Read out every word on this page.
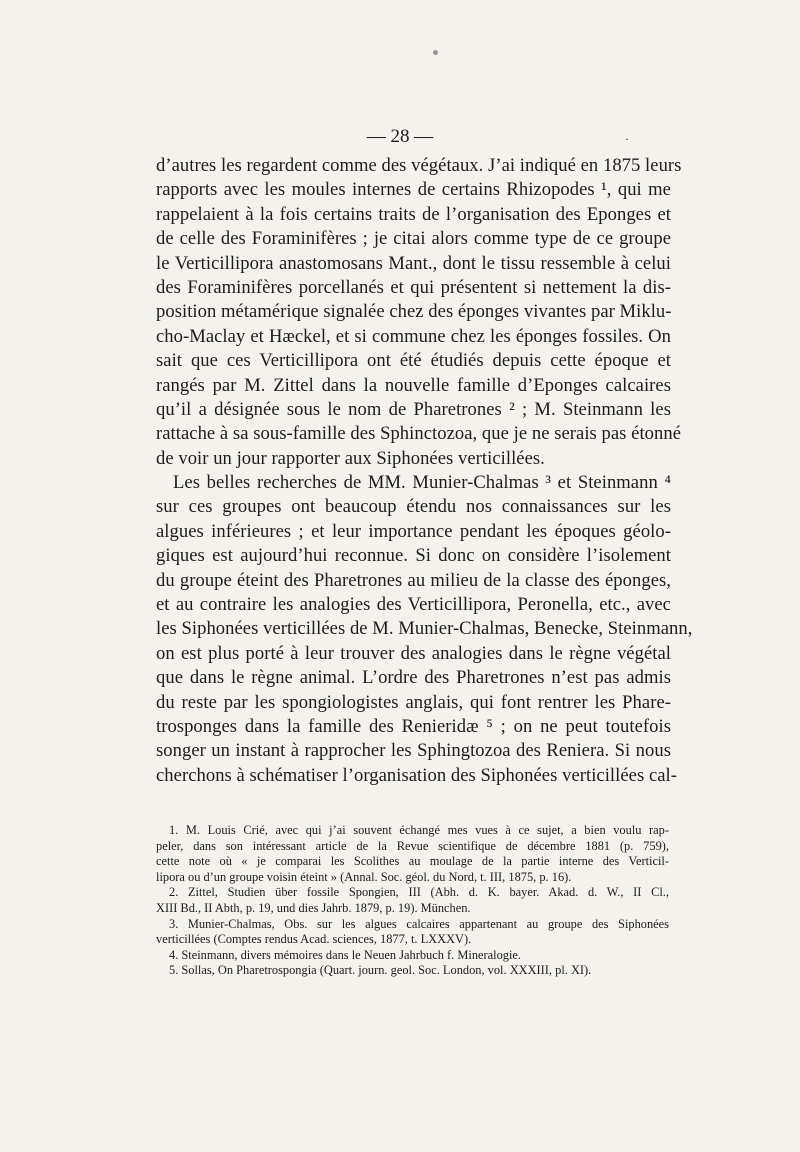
— 28 —	·
d’autres les regardent comme des végétaux. J’ai indiqué en 1875 leurs
rapports avec les moules internes de certains Rhizopodes ¹, qui me
rappelaient à la fois certains traits de l’organisation des Eponges et
de celle des Foraminifères ; je citai alors comme type de ce groupe
le Verticillipora anastomosans Mant., dont le tissu ressemble à celui
des Foraminifères porcellanés et qui présentent si nettement la dis-
position métamérique signalée chez des éponges vivantes par Miklu-
cho-Maclay et Hæckel, et si commune chez les éponges fossiles. On
sait que ces Verticillipora ont été étudiés depuis cette époque et
rangés par M. Zittel dans la nouvelle famille d’Eponges calcaires
qu’il a désignée sous le nom de Pharetrones ² ; M. Steinmann les
rattache à sa sous-famille des Sphinctozoa, que je ne serais pas étonné
de voir un jour rapporter aux Siphonées verticillées.
Les belles recherches de MM. Munier-Chalmas ³ et Steinmann ⁴
sur ces groupes ont beaucoup étendu nos connaissances sur les
algues inférieures ; et leur importance pendant les époques géolo-
giques est aujourd’hui reconnue. Si donc on considère l’isolement
du groupe éteint des Pharetrones au milieu de la classe des éponges,
et au contraire les analogies des Verticillipora, Peronella, etc., avec
les Siphonées verticillées de M. Munier-Chalmas, Benecke, Steinmann,
on est plus porté à leur trouver des analogies dans le règne végétal
que dans le règne animal. L’ordre des Pharetrones n’est pas admis
du reste par les spongiologistes anglais, qui font rentrer les Phare-
trosponges dans la famille des Renieridæ ⁵ ; on ne peut toutefois
songer un instant à rapprocher les Sphingtozoa des Reniera. Si nous
cherchons à schématiser l’organisation des Siphonées verticillées cal-
1. M. Louis Crié, avec qui j’ai souvent échangé mes vues à ce sujet, a bien voulu rap-
peler, dans son intéressant article de la Revue scientifique de décembre 1881 (p. 759),
cette note où « je comparai les Scolithes au moulage de la partie interne des Verticil-
lipora ou d’un groupe voisin éteint » (Annal. Soc. géol. du Nord, t. III, 1875, p. 16).
2. Zittel, Studien über fossile Spongien, III (Abh. d. K. bayer. Akad. d. W., II Cl.,
XIII Bd., II Abth, p. 19, und dies Jahrb. 1879, p. 19). München.
3. Munier-Chalmas, Obs. sur les algues calcaires appartenant au groupe des Siphonées
verticillées (Comptes rendus Acad. sciences, 1877, t. LXXXV).
4. Steinmann, divers mémoires dans le Neuen Jahrbuch f. Mineralogie.
5. Sollas, On Pharetrospongia (Quart. journ. geol. Soc. London, vol. XXXIII, pl. XI).
